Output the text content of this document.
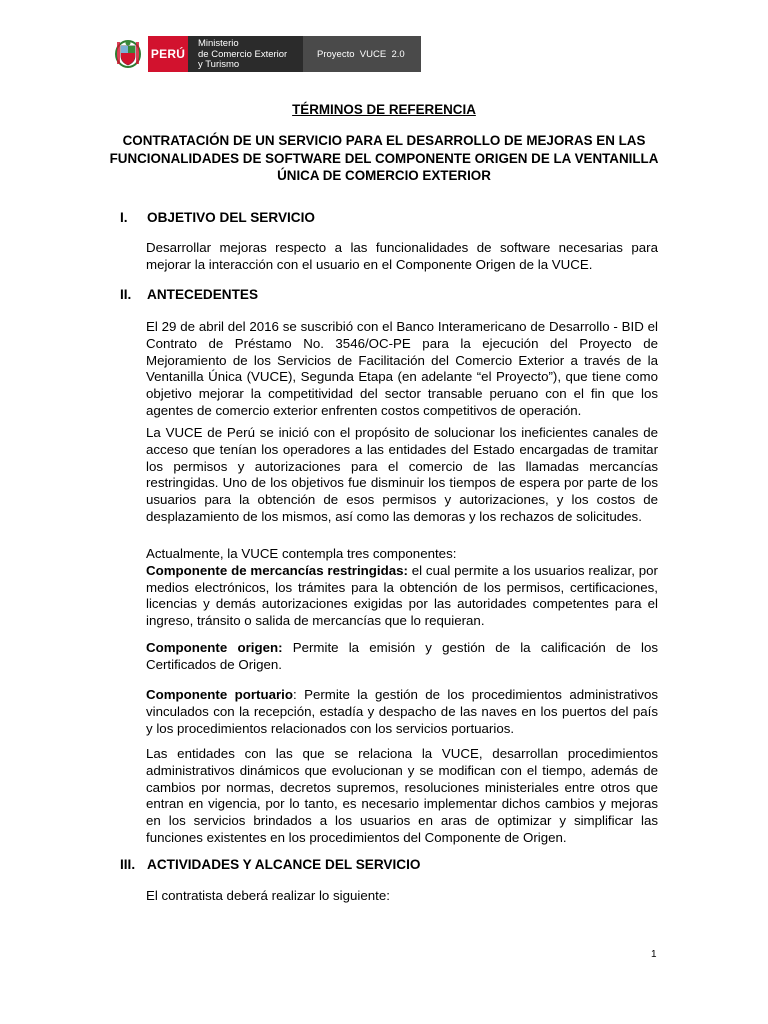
PERÚ
Ministerio
de Comercio Exterior
y Turismo
Proyecto  VUCE  2.0
TÉRMINOS DE REFERENCIA
CONTRATACIÓN DE UN SERVICIO PARA EL DESARROLLO DE MEJORAS EN LAS FUNCIONALIDADES DE SOFTWARE DEL COMPONENTE ORIGEN DE LA VENTANILLA ÚNICA DE COMERCIO EXTERIOR
I. OBJETIVO DEL SERVICIO
Desarrollar mejoras respecto a las funcionalidades de software necesarias para mejorar la interacción con el usuario en el Componente Origen de la VUCE.
II. ANTECEDENTES
El 29 de abril del 2016 se suscribió con el Banco Interamericano de Desarrollo - BID el Contrato de Préstamo No. 3546/OC-PE para la ejecución del Proyecto de Mejoramiento de los Servicios de Facilitación del Comercio Exterior a través de la Ventanilla Única (VUCE), Segunda Etapa (en adelante “el Proyecto”), que tiene como objetivo mejorar la competitividad del sector transable peruano con el fin que los agentes de comercio exterior enfrenten costos competitivos de operación.
La VUCE de Perú se inició con el propósito de solucionar los ineficientes canales de acceso que tenían los operadores a las entidades del Estado encargadas de tramitar los permisos y autorizaciones para el comercio de las llamadas mercancías restringidas. Uno de los objetivos fue disminuir los tiempos de espera por parte de los usuarios para la obtención de esos permisos y autorizaciones, y los costos de desplazamiento de los mismos, así como las demoras y los rechazos de solicitudes.
Actualmente, la VUCE contempla tres componentes:
Componente de mercancías restringidas: el cual permite a los usuarios realizar, por medios electrónicos, los trámites para la obtención de los permisos, certificaciones, licencias y demás autorizaciones exigidas por las autoridades competentes para el ingreso, tránsito o salida de mercancías que lo requieran.
Componente origen: Permite la emisión y gestión de la calificación de los Certificados de Origen.
Componente portuario: Permite la gestión de los procedimientos administrativos vinculados con la recepción, estadía y despacho de las naves en los puertos del país y los procedimientos relacionados con los servicios portuarios.
Las entidades con las que se relaciona la VUCE, desarrollan procedimientos administrativos dinámicos que evolucionan y se modifican con el tiempo, además de cambios por normas, decretos supremos, resoluciones ministeriales entre otros que entran en vigencia, por lo tanto, es necesario implementar dichos cambios y mejoras en los servicios brindados a los usuarios en aras de optimizar y simplificar las funciones existentes en los procedimientos del Componente de Origen.
III. ACTIVIDADES Y ALCANCE DEL SERVICIO
El contratista deberá realizar lo siguiente:
1
